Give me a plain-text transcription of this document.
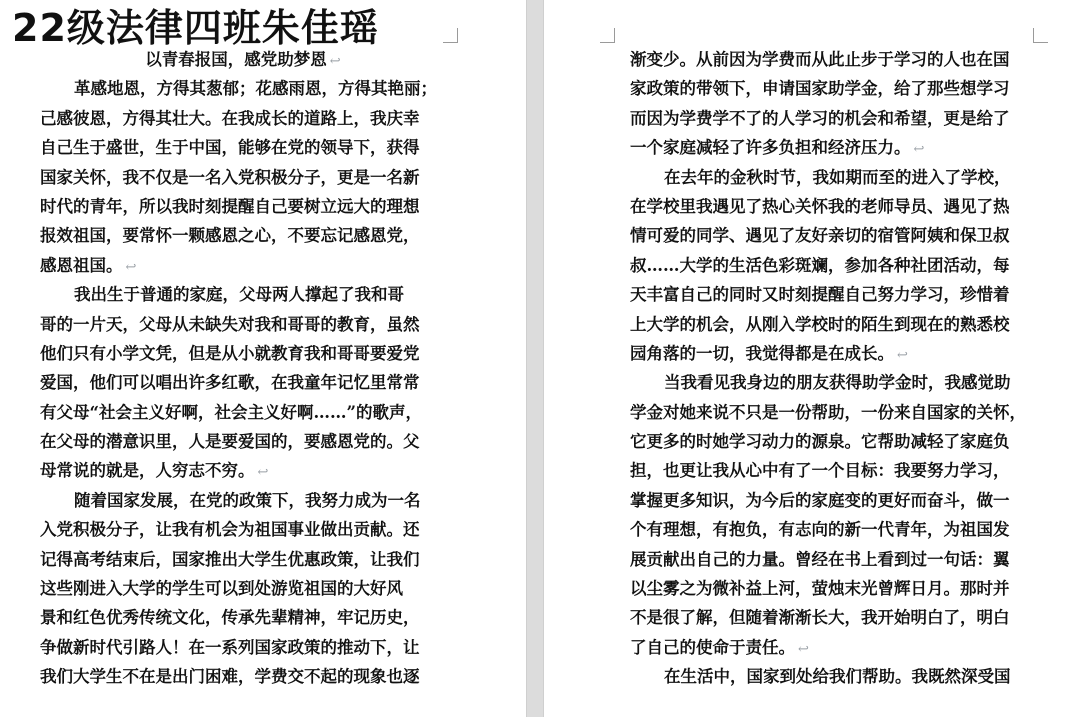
22级法律四班朱佳瑶
以青春报国，感党助梦恩 ↩
革感地恩，方得其葱郁；花感雨恩，方得其艳丽；
己感彼恩，方得其壮大。在我成长的道路上，我庆幸
自己生于盛世，生于中国，能够在党的领导下，获得
国家关怀，我不仅是一名入党积极分子，更是一名新
时代的青年，所以我时刻提醒自己要树立远大的理想
报效祖国，要常怀一颗感恩之心，不要忘记感恩党，
感恩祖国。 ↩
我出生于普通的家庭，父母两人撑起了我和哥
哥的一片天，父母从未缺失对我和哥哥的教育，虽然
他们只有小学文凭，但是从小就教育我和哥哥要爱党
爱国，他们可以唱出许多红歌，在我童年记忆里常常
有父母“社会主义好啊，社会主义好啊……”的歌声，
在父母的潜意识里，人是要爱国的，要感恩党的。父
母常说的就是，人穷志不穷。 ↩
随着国家发展，在党的政策下，我努力成为一名
入党积极分子，让我有机会为祖国事业做出贡献。还
记得高考结束后，国家推出大学生优惠政策，让我们
这些刚进入大学的学生可以到处游览祖国的大好风
景和红色优秀传统文化，传承先辈精神，牢记历史，
争做新时代引路人！在一系列国家政策的推动下，让
我们大学生不在是出门困难，学费交不起的现象也逐
渐变少。从前因为学费而从此止步于学习的人也在国
家政策的带领下，申请国家助学金，给了那些想学习
而因为学费学不了的人学习的机会和希望，更是给了
一个家庭减轻了许多负担和经济压力。 ↩
在去年的金秋时节，我如期而至的进入了学校，
在学校里我遇见了热心关怀我的老师导员、遇见了热
情可爱的同学、遇见了友好亲切的宿管阿姨和保卫叔
叔……大学的生活色彩斑斓，参加各种社团活动，每
天丰富自己的同时又时刻提醒自己努力学习，珍惜着
上大学的机会，从刚入学校时的陌生到现在的熟悉校
园角落的一切，我觉得都是在成长。 ↩
当我看见我身边的朋友获得助学金时，我感觉助
学金对她来说不只是一份帮助，一份来自国家的关怀，
它更多的时她学习动力的源泉。它帮助减轻了家庭负
担，也更让我从心中有了一个目标：我要努力学习，
掌握更多知识，为今后的家庭变的更好而奋斗，做一
个有理想，有抱负，有志向的新一代青年，为祖国发
展贡献出自己的力量。曾经在书上看到过一句话：翼
以尘雾之为微补益上河，萤烛末光曾辉日月。那时并
不是很了解，但随着渐渐长大，我开始明白了，明白
了自己的使命于责任。 ↩
在生活中，国家到处给我们帮助。我既然深受国
